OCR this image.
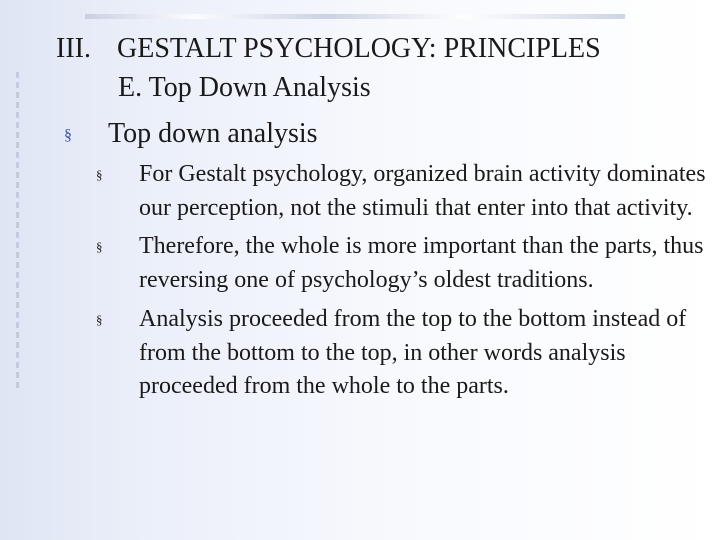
III. GESTALT PSYCHOLOGY: PRINCIPLES
E. Top Down Analysis
§ Top down analysis
§ For Gestalt psychology, organized brain activity dominates our perception, not the stimuli that enter into that activity.
§ Therefore, the whole is more important than the parts, thus reversing one of psychology’s oldest traditions.
§ Analysis proceeded from the top to the bottom instead of from the bottom to the top, in other words analysis proceeded from the whole to the parts.
